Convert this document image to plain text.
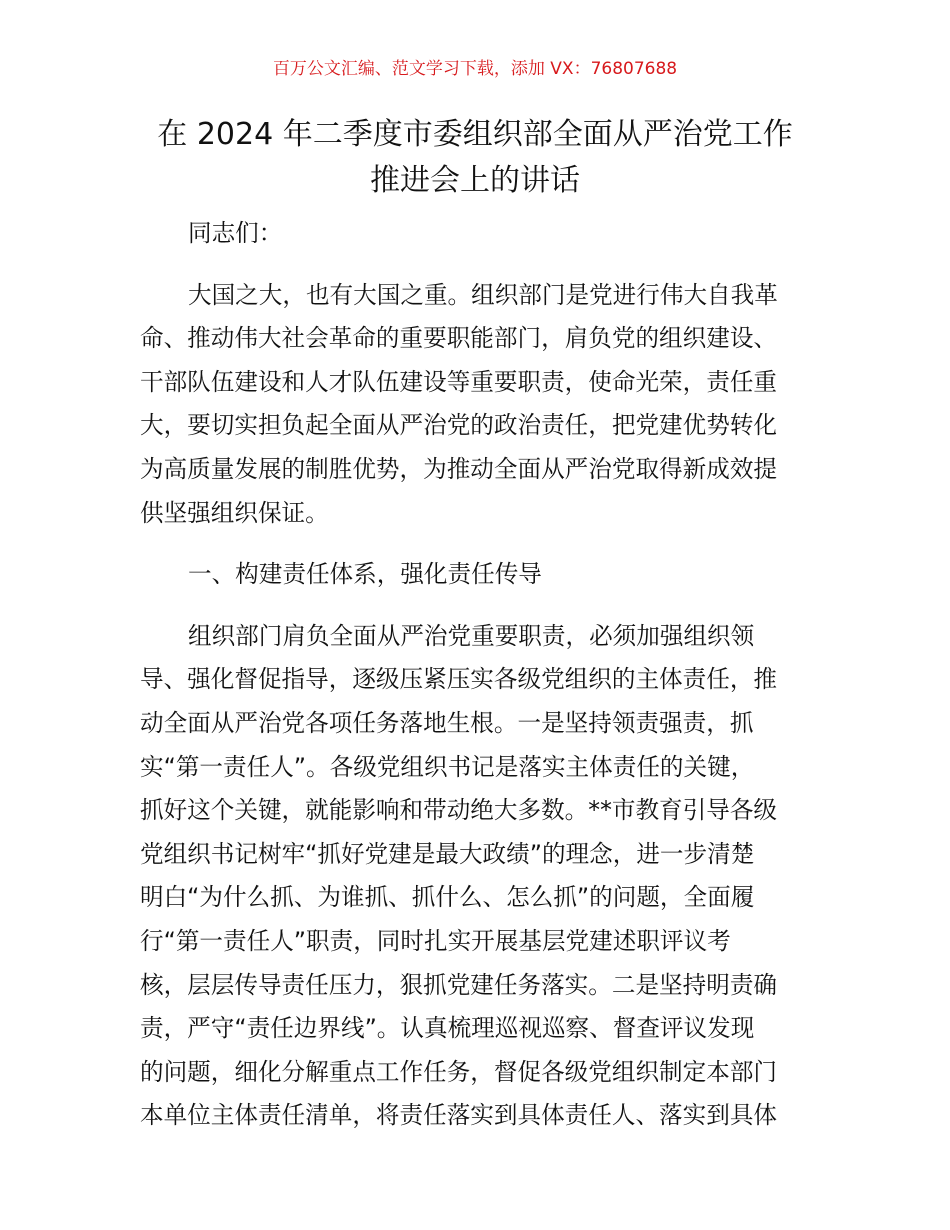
百万公文汇编、范文学习下载，添加 VX：76807688
在 2024 年二季度市委组织部全面从严治党工作
推进会上的讲话

同志们：

大国之大，也有大国之重。组织部门是党进行伟大自我革
命、推动伟大社会革命的重要职能部门，肩负党的组织建设、
干部队伍建设和人才队伍建设等重要职责，使命光荣，责任重
大，要切实担负起全面从严治党的政治责任，把党建优势转化
为高质量发展的制胜优势，为推动全面从严治党取得新成效提
供坚强组织保证。

一、构建责任体系，强化责任传导

组织部门肩负全面从严治党重要职责，必须加强组织领
导、强化督促指导，逐级压紧压实各级党组织的主体责任，推
动全面从严治党各项任务落地生根。一是坚持领责强责，抓
实“第一责任人”。各级党组织书记是落实主体责任的关键，
抓好这个关键，就能影响和带动绝大多数。**市教育引导各级
党组织书记树牢“抓好党建是最大政绩”的理念，进一步清楚
明白“为什么抓、为谁抓、抓什么、怎么抓”的问题，全面履
行“第一责任人”职责，同时扎实开展基层党建述职评议考
核，层层传导责任压力，狠抓党建任务落实。二是坚持明责确
责，严守“责任边界线”。认真梳理巡视巡察、督查评议发现
的问题，细化分解重点工作任务，督促各级党组织制定本部门
本单位主体责任清单，将责任落实到具体责任人、落实到具体
